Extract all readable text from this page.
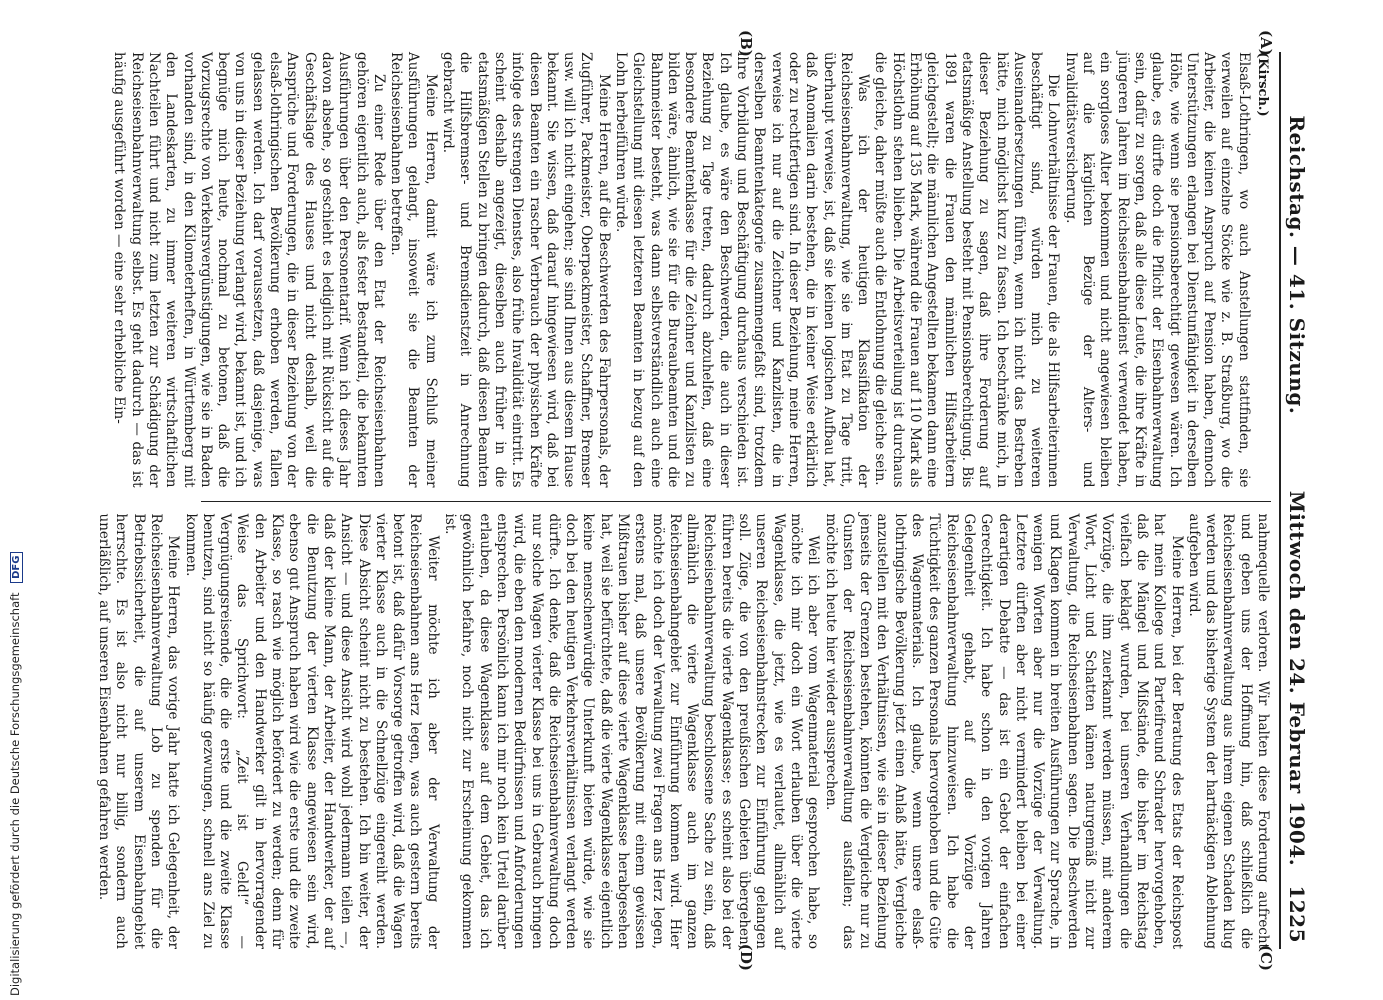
Reichstag. — 41. Sitzung.
Mittwoch den 24. Februar 1904.
1225
(Kirsch.)

Elsaß-Lothringen, wo auch Anstellungen stattfinden, sie verweilen auf einzelne Stöcke wie z. B. Straßburg, wo die Arbeiter, die keinen Anspruch auf Pension haben, dennoch Unterstützungen erlangen bei Dienstunfähigkeit in derselben Höhe, wie wenn sie pensionsberechtigt gewesen wären. Ich glaube, es dürfte doch die Pflicht der Eisenbahnverwaltung sein, dafür zu sorgen, daß alle diese Leute, die ihre Kräfte in jüngeren Jahren im Reichseisenbahndienst verwendet haben, ein sorgloses Alter bekommen und nicht angewiesen bleiben auf die kärglichen Bezüge der Alters- und Invaliditätsversicherung.

Die Lohnverhältnisse der Frauen, die als Hilfsarbeiterinnen beschäftigt sind, würden mich zu weiteren Auseinandersetzungen führen, wenn ich nicht das Bestreben hätte, mich möglichst kurz zu fassen. Ich beschränke mich, in dieser Beziehung zu sagen, daß ihre Forderung auf etatsmäßige Anstellung besteht mit Pensionsberechtigung. Bis 1891 waren die Frauen den männlichen Hilfsarbeitern gleichgestellt; die männlichen Angestellten bekamen dann eine Erhöhung auf 135 Mark, während die Frauen auf 110 Mark als Höchstlohn stehen blieben. Die Arbeitsverteilung ist durchaus die gleiche, daher müßte auch die Entlohnung die gleiche sein.

Was ich der heutigen Klassifikation der Reichseisenbahnverwaltung, wie sie im Etat zu Tage tritt, überhaupt verweise, ist, daß sie keinen logischen Aufbau hat, daß Anomalien darin bestehen, die in keiner Weise erklärlich oder zu rechtfertigen sind. In dieser Beziehung, meine Herren, verweise ich nur auf die Zeichner und Kanzlisten, die in derselben Beamtenkategorie zusammengefaßt sind, trotzdem ihre Vorbildung und Beschäftigung durchaus verschieden ist. Ich glaube, es wäre den Beschwerden, die auch in dieser Beziehung zu Tage treten, dadurch abzuhelfen, daß eine besondere Beamtenklasse für die Zeichner und Kanzlisten zu bilden wäre, ähnlich, wie sie für die Bureaubeamten und die Bahnmeister besteht, was dann selbstverständlich auch eine Gleichstellung mit diesen letzteren Beamten in bezug auf den Lohn herbeiführen würde.

Meine Herren, auf die Beschwerden des Fahrpersonals, der Zugführer, Packmeister, Oberpackmeister, Schaffner, Bremser usw. will ich nicht eingehen; sie sind Ihnen aus diesem Hause bekannt. Sie wissen, daß darauf hingewiesen wird, daß bei diesen Beamten ein rascher Verbrauch der physischen Kräfte infolge des strengen Dienstes, also frühe Invalidität eintritt. Es scheint deshalb angezeigt, dieselben auch früher in die etatsmäßigen Stellen zu bringen dadurch, daß diesen Beamten die Hilfsbremser- und Bremsdienstzeit in Anrechnung gebracht wird.

Meine Herren, damit wäre ich zum Schluß meiner Ausführungen gelangt, insoweit sie die Beamten der Reichseisenbahnen betreffen.

Zu einer Rede über den Etat der Reichseisenbahnen gehören eigentlich auch, als fester Bestandteil, die bekannten Ausführungen über den Personentarif. Wenn ich dieses Jahr davon absehe, so geschieht es lediglich mit Rücksicht auf die Geschäftslage des Hauses und nicht deshalb, weil die Ansprüche und Forderungen, die in dieser Beziehung von der elsaß-lothringischen Bevölkerung erhoben werden, fallen gelassen werden. Ich darf voraussetzen, daß dasjenige, was von uns in dieser Beziehung verlangt wird, bekannt ist, und ich begnüge mich heute, nochmal zu betonen, daß die Vorzugsrechte von Verkehrsvergünstigungen, wie sie in Baden vorhanden sind, in den Kilometerheften, in Württemberg mit den Landeskarten, zu immer weiteren wirtschaftlichen Nachteilen führt und nicht zum letzten zur Schädigung der Reichseisenbahnverwaltung selbst. Es geht dadurch — das ist häufig ausgeführt worden — eine sehr erhebliche Ein-

nahmequelle verloren. Wir halten diese Forderung aufrecht und geben uns der Hoffnung hin, daß schließlich die Reichseisenbahnverwaltung aus ihrem eigenen Schaden klug werden und das bisherige System der hartnäckigen Ablehnung aufgeben wird.

Meine Herren, bei der Beratung des Etats der Reichspost hat mein Kollege und Parteifreund Schrader hervorgehoben, daß die Mängel und Mißstände, die bisher im Reichstag vielfach beklagt wurden, bei unseren Verhandlungen die Vorzüge, die ihm zuerkannt werden müssen, mit anderem Wort, Licht und Schatten kämen naturgemäß nicht zur Verwaltung, die Reichseisenbahnen sagen. Die Beschwerden und Klagen kommen in breiten Ausführungen zur Sprache, in wenigen Worten aber nur die Vorzüge der Verwaltung. Letztere dürften aber nicht vermindert bleiben bei einer derartigen Debatte — das ist ein Gebot der einfachen Gerechtigkeit. Ich habe schon in den vorigen Jahren Gelegenheit gehabt, auf die Vorzüge der Reichseisenbahnverwaltung hinzuweisen. Ich habe die Tüchtigkeit des ganzen Personals hervorgehoben und die Güte des Wagenmaterials. Ich glaube, wenn unsere elsaß-lothringische Bevölkerung jetzt einen Anlaß hätte, Vergleiche anzustellen mit den Verhältnissen, wie sie in dieser Beziehung jenseits der Grenzen bestehen, könnten die Vergleiche nur zu Gunsten der Reichseisenbahnverwaltung ausfallen; das möchte ich heute hier wieder aussprechen.

Weil ich aber vom Wagenmaterial gesprochen habe, so möchte ich mir doch ein Wort erlauben über die vierte Wagenklasse, die jetzt, wie es verlautet, allmählich auf unseren Reichseisenbahnstrecken zur Einführung gelangen soll. Züge, die von den preußischen Gebieten übergehen, führen bereits die vierte Wagenklasse; es scheint also bei der Reichseisenbahnverwaltung beschlossene Sache zu sein, daß allmählich die vierte Wagenklasse auch im ganzen Reichseisenbahngebiet zur Einführung kommen wird. Hier möchte ich doch der Verwaltung zwei Fragen ans Herz legen, erstens mal, daß unsere Bevölkerung mit einem gewissen Mißtrauen bisher auf diese vierte Wagenklasse herabgesehen hat, weil sie befürchtete, daß die vierte Wagenklasse eigentlich keine menschenwürdige Unterkunft bieten würde, wie sie doch bei den heutigen Verkehrsverhältnissen verlangt werden dürfte. Ich denke, daß die Reichseisenbahnverwaltung doch nur solche Wagen vierter Klasse bei uns in Gebrauch bringen wird, die eben den modernen Bedürfnissen und Anforderungen entsprechen. Persönlich kann ich mir noch kein Urteil darüber erlauben, da diese Wagenklasse auf dem Gebiet, das ich gewöhnlich befahre, noch nicht zur Erscheinung gekommen ist.

Weiter möchte ich aber der Verwaltung der Reichseisenbahnen ans Herz legen, was auch gestern bereits betont ist, daß dafür Vorsorge getroffen wird, daß die Wagen vierter Klasse auch in die Schnellzüge eingereiht werden. Diese Absicht scheint nicht zu bestehen. Ich bin weiter, der Ansicht — und diese Ansicht wird wohl jedermann teilen —, daß der kleine Mann, der Arbeiter, der Handwerker, der auf die Benutzung der vierten Klasse angewiesen sein wird, ebenso gut Anspruch haben wird wie die erste und die zweite Klasse, so rasch wie möglich befördert zu werden; denn für den Arbeiter und den Handwerker gilt in hervorragender Weise das Sprichwort: „Zeit ist Geld!“ — Vergnügungsreisende, die die erste und die zweite Klasse benutzen, sind nicht so häufig gezwungen, schnell ans Ziel zu kommen.

Meine Herren, das vorige Jahr hatte ich Gelegenheit, der Reichseisenbahnverwaltung Lob zu spenden für die Betriebssicherheit, die auf unserem Eisenbahngebiet herrschte. Es ist also nicht nur billig, sondern auch unerläßlich, auf unseren Eisenbahnen gefahren werden.

(A)
(B)
(C)
(D)
Digitalisierung gefördert durch die Deutsche Forschungsgemeinschaft DFG
